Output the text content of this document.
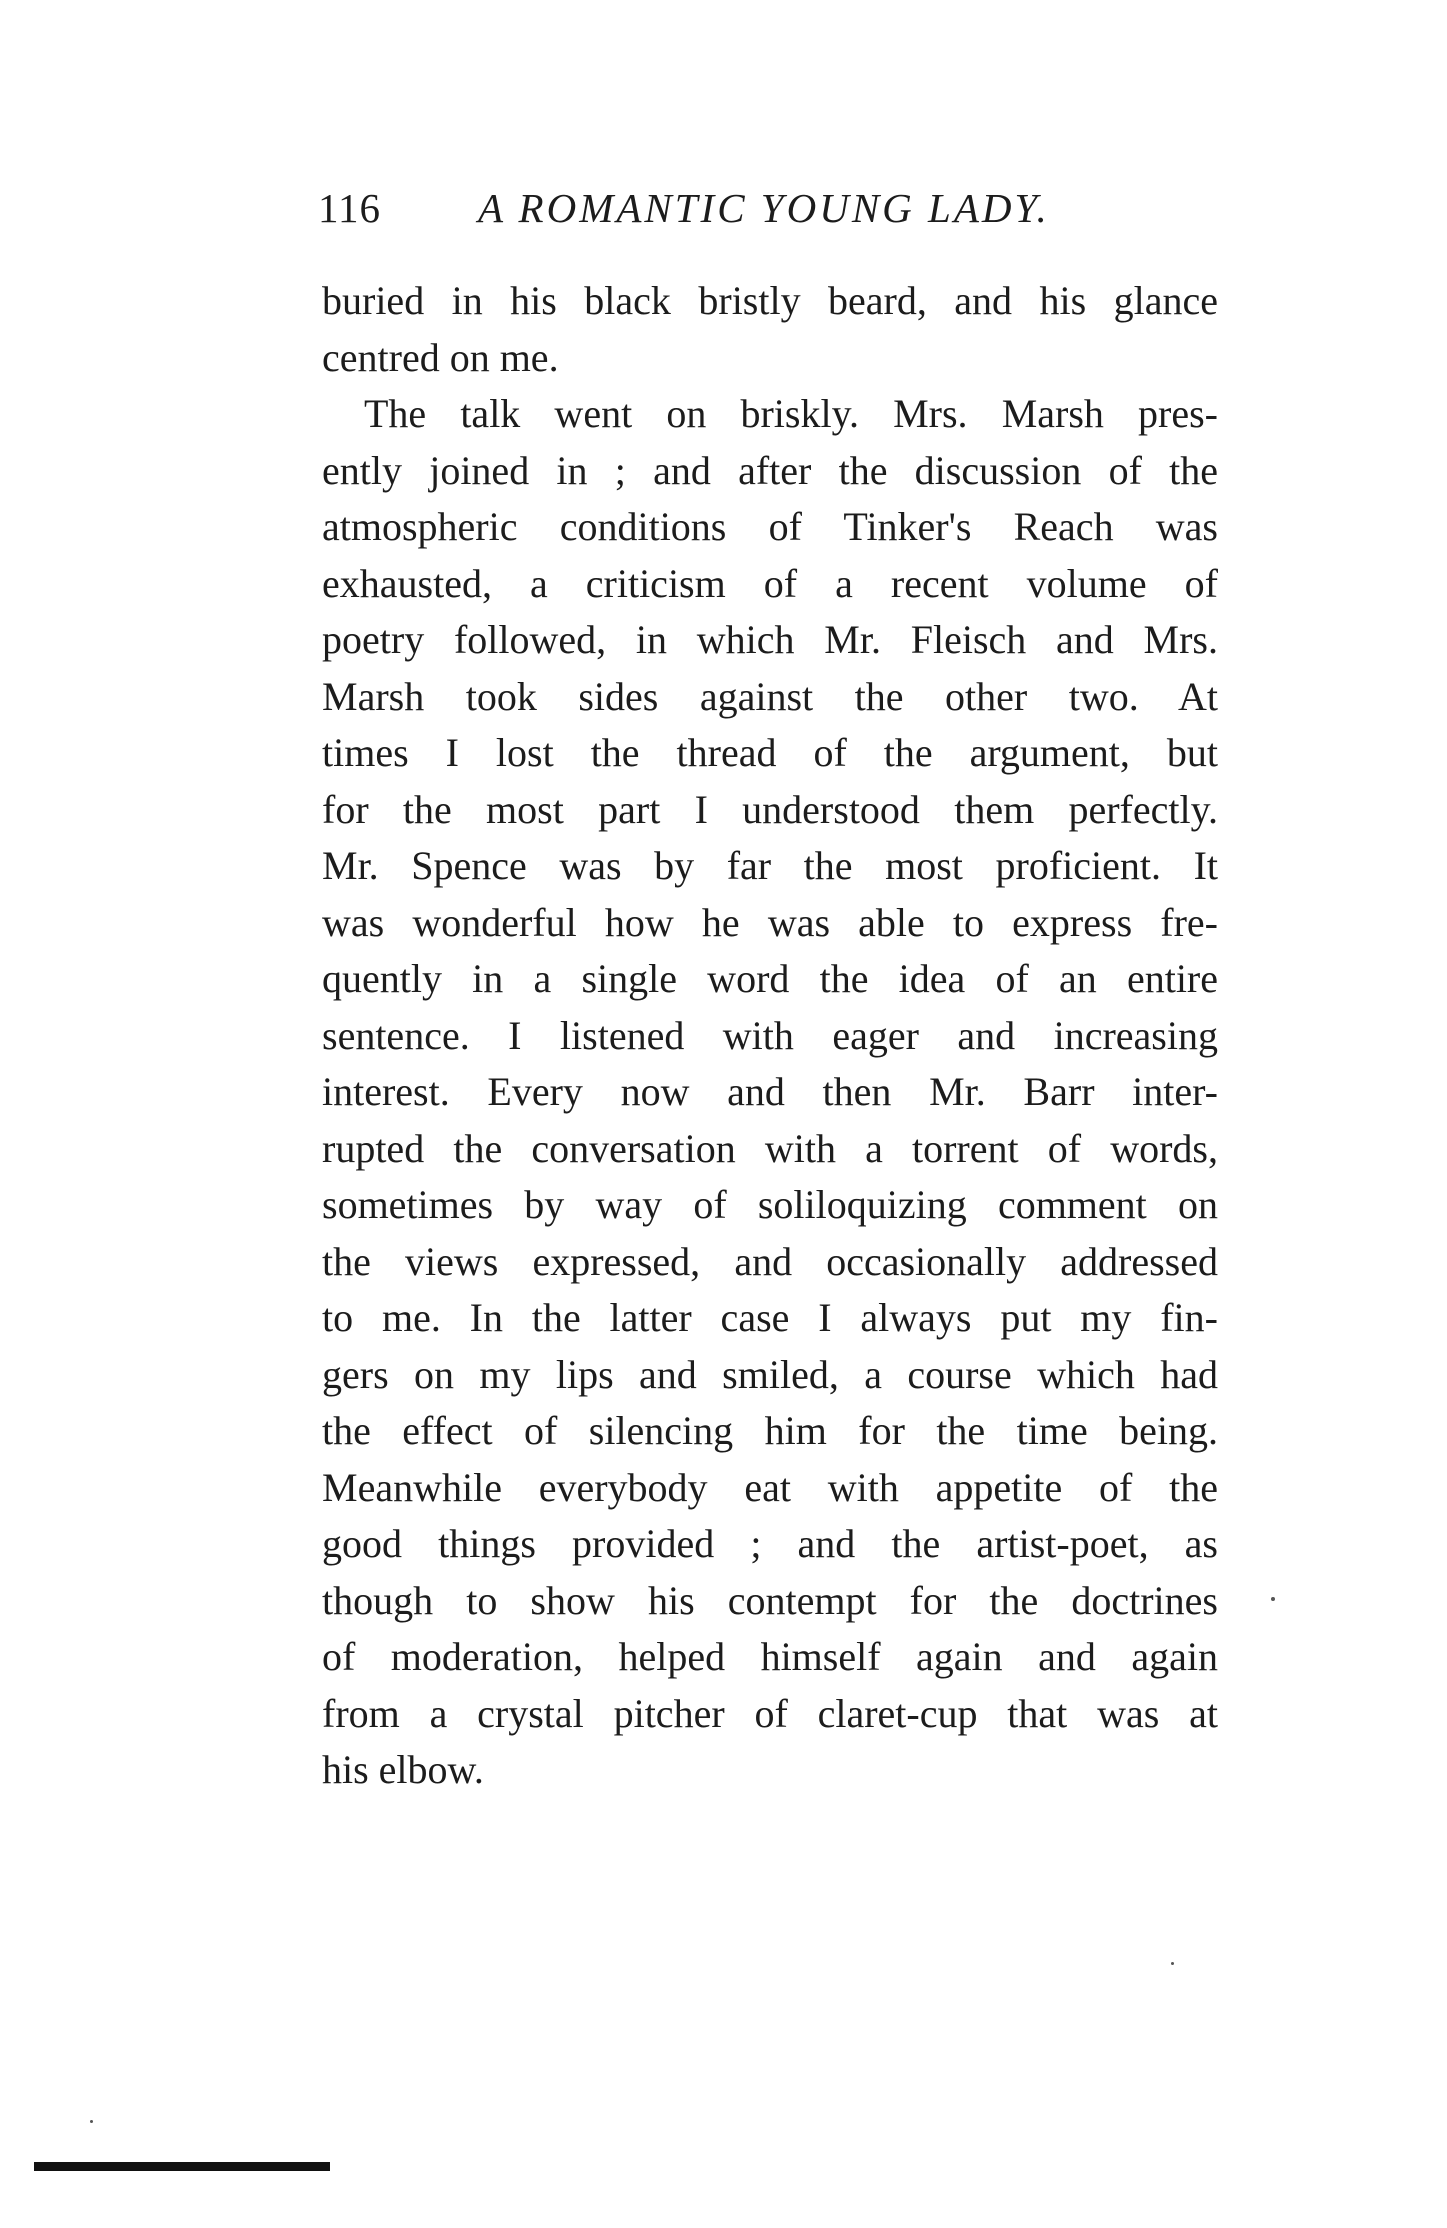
116 A ROMANTIC YOUNG LADY.
buried in his black bristly beard, and his glance
centred on me.
The talk went on briskly. Mrs. Marsh pres-
ently joined in ; and after the discussion of the
atmospheric conditions of Tinker's Reach was
exhausted, a criticism of a recent volume of
poetry followed, in which Mr. Fleisch and Mrs.
Marsh took sides against the other two. At
times I lost the thread of the argument, but
for the most part I understood them perfectly.
Mr. Spence was by far the most proficient. It
was wonderful how he was able to express fre-
quently in a single word the idea of an entire
sentence. I listened with eager and increasing
interest. Every now and then Mr. Barr inter-
rupted the conversation with a torrent of words,
sometimes by way of soliloquizing comment on
the views expressed, and occasionally addressed
to me. In the latter case I always put my fin-
gers on my lips and smiled, a course which had
the effect of silencing him for the time being.
Meanwhile everybody eat with appetite of the
good things provided ; and the artist-poet, as
though to show his contempt for the doctrines
of moderation, helped himself again and again
from a crystal pitcher of claret-cup that was at
his elbow.
